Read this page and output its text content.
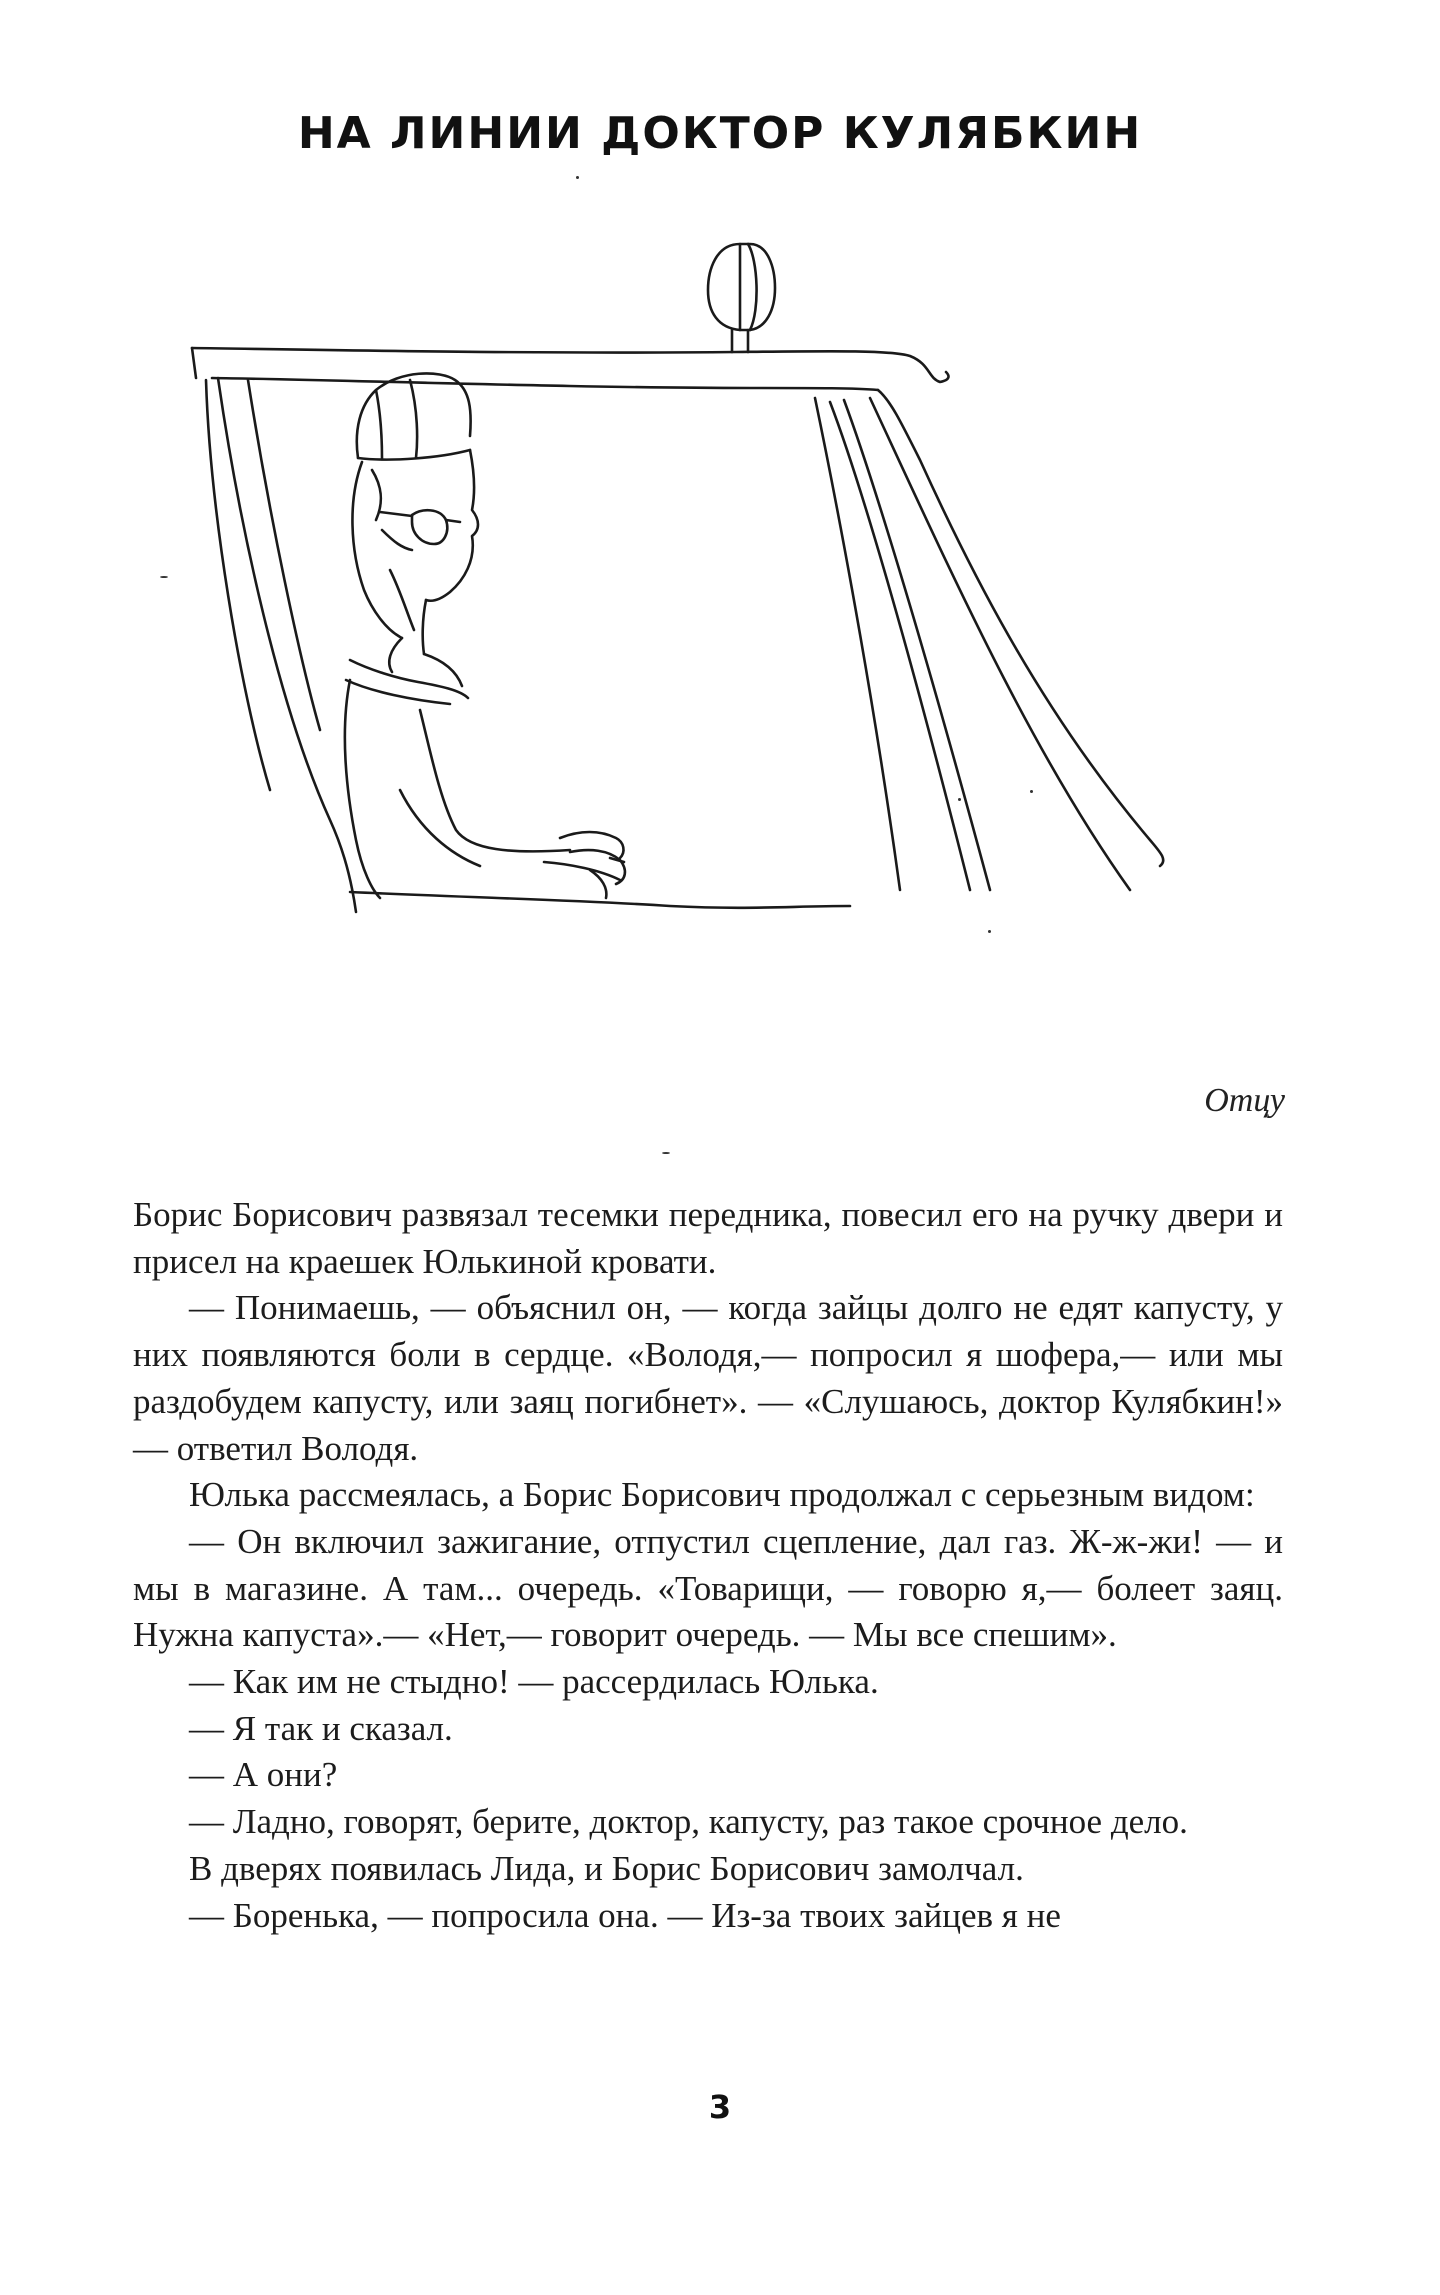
НА ЛИНИИ ДОКТОР КУЛЯБКИН
Отцу

Борис Борисович развязал тесемки передника, повесил его на ручку двери и присел на краешек Юлькиной кровати.

— Понимаешь, — объяснил он, — когда зайцы долго не едят капусту, у них появляются боли в сердце. «Володя,— попросил я шофера,— или мы раздобудем капусту, или заяц погибнет». — «Слушаюсь, доктор Кулябкин!» — ответил Володя.

Юлька рассмеялась, а Борис Борисович продолжал с серьезным видом:

— Он включил зажигание, отпустил сцепление, дал газ. Ж-ж-жи! — и мы в магазине. А там... очередь. «Товарищи, — говорю я,— болеет заяц. Нужна капуста».— «Нет,— говорит очередь. — Мы все спешим».

— Как им не стыдно! — рассердилась Юлька.

— Я так и сказал.

— А они?

— Ладно, говорят, берите, доктор, капусту, раз такое срочное дело.

В дверях появилась Лида, и Борис Борисович замолчал.

— Боренька, — попросила она. — Из-за твоих зайцев я не

3
